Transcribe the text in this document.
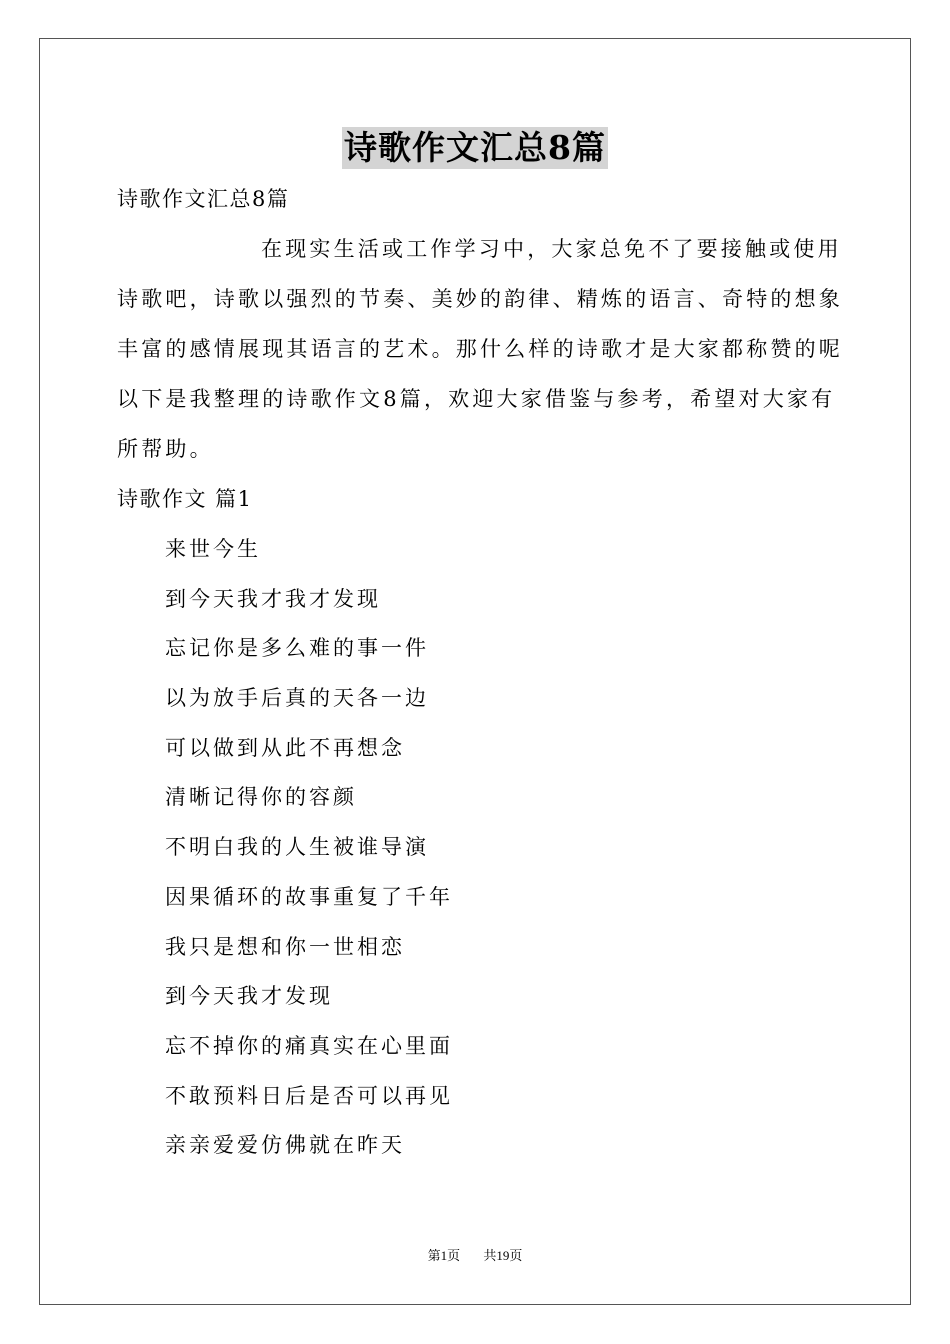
诗歌作文汇总8篇
诗歌作文汇总8篇
在现实生活或工作学习中，大家总免不了要接触或使用
诗歌吧，诗歌以强烈的节奏、美妙的韵律、精炼的语言、奇特的想象
丰富的感情展现其语言的艺术。那什么样的诗歌才是大家都称赞的呢
以下是我整理的诗歌作文8篇，欢迎大家借鉴与参考，希望对大家有
所帮助。
诗歌作文 篇1
来世今生
到今天我才我才发现
忘记你是多么难的事一件
以为放手后真的天各一边
可以做到从此不再想念
清晰记得你的容颜
不明白我的人生被谁导演
因果循环的故事重复了千年
我只是想和你一世相恋
到今天我才发现
忘不掉你的痛真实在心里面
不敢预料日后是否可以再见
亲亲爱爱仿佛就在昨天
第1页 共19页
